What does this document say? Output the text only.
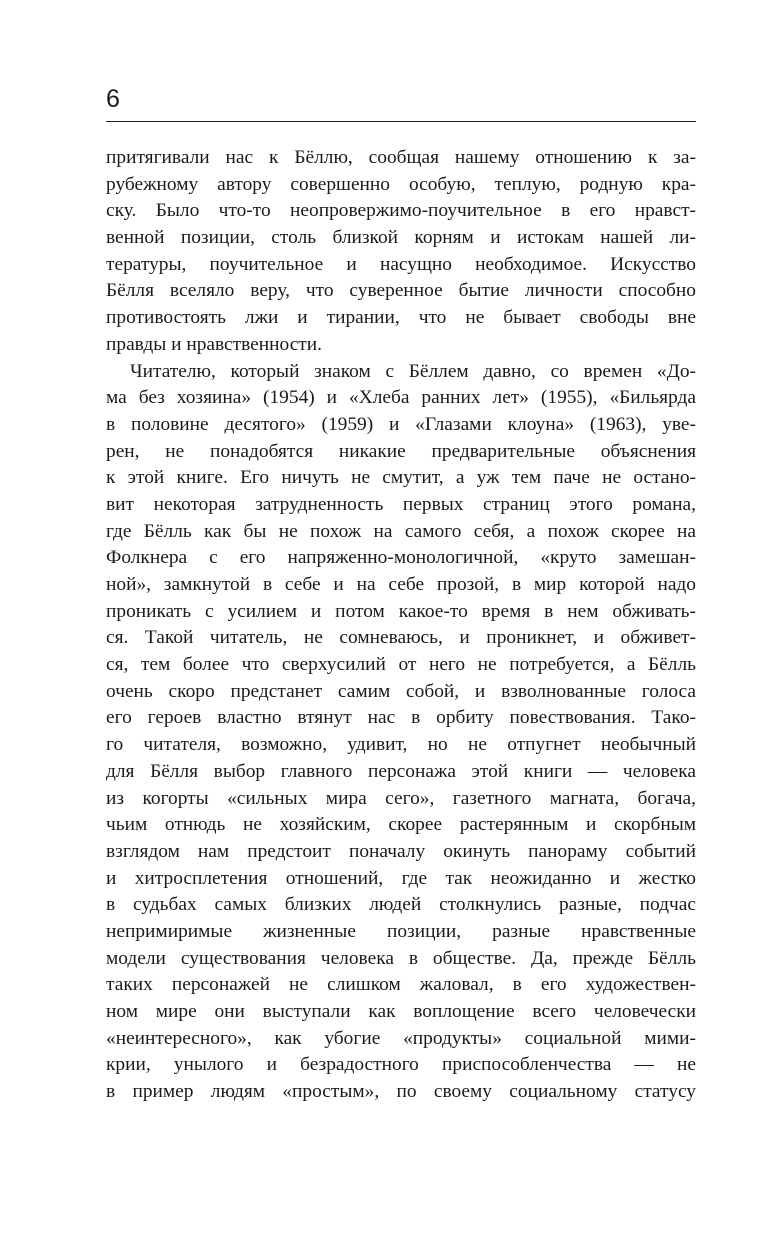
6
притягивали нас к Бёллю, сообщая нашему отношению к за-
рубежному автору совершенно особую, теплую, родную кра-
ску. Было что-то неопровержимо-поучительное в его нравст-
венной позиции, столь близкой корням и истокам нашей ли-
тературы, поучительное и насущно необходимое. Искусство
Бёлля вселяло веру, что суверенное бытие личности способно
противостоять лжи и тирании, что не бывает свободы вне
правды и нравственности.
Читателю, который знаком с Бёллем давно, со времен «До-
ма без хозяина» (1954) и «Хлеба ранних лет» (1955), «Бильярда
в половине десятого» (1959) и «Глазами клоуна» (1963), уве-
рен, не понадобятся никакие предварительные объяснения
к этой книге. Его ничуть не смутит, а уж тем паче не остано-
вит некоторая затрудненность первых страниц этого романа,
где Бёлль как бы не похож на самого себя, а похож скорее на
Фолкнера с его напряженно-монологичной, «круто замешан-
ной», замкнутой в себе и на себе прозой, в мир которой надо
проникать с усилием и потом какое-то время в нем обживать-
ся. Такой читатель, не сомневаюсь, и проникнет, и обживет-
ся, тем более что сверхусилий от него не потребуется, а Бёлль
очень скоро предстанет самим собой, и взволнованные голоса
его героев властно втянут нас в орбиту повествования. Тако-
го читателя, возможно, удивит, но не отпугнет необычный
для Бёлля выбор главного персонажа этой книги — человека
из когорты «сильных мира сего», газетного магната, богача,
чьим отнюдь не хозяйским, скорее растерянным и скорбным
взглядом нам предстоит поначалу окинуть панораму событий
и хитросплетения отношений, где так неожиданно и жестко
в судьбах самых близких людей столкнулись разные, подчас
непримиримые жизненные позиции, разные нравственные
модели существования человека в обществе. Да, прежде Бёлль
таких персонажей не слишком жаловал, в его художествен-
ном мире они выступали как воплощение всего человечески
«неинтересного», как убогие «продукты» социальной мими-
крии, унылого и безрадостного приспособленчества — не
в пример людям «простым», по своему социальному статусу
